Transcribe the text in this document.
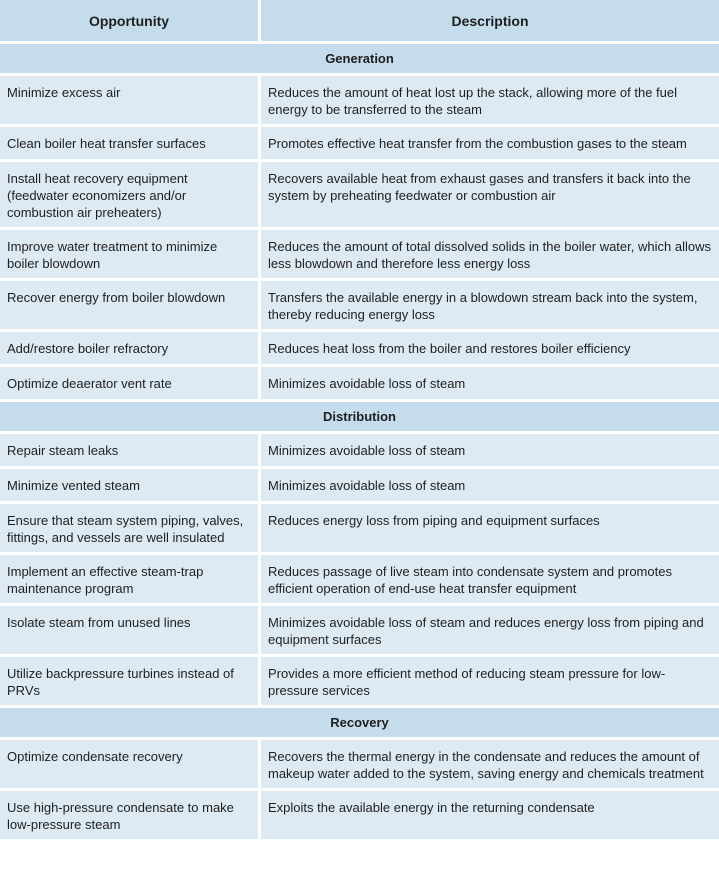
Opportunity	Description
Generation	
Minimize excess air	Reduces the amount of heat lost up the stack, allowing more of the fuel energy to be transferred to the steam
Clean boiler heat transfer surfaces	Promotes effective heat transfer from the combustion gases to the steam
Install heat recovery equipment (feedwater economizers and/or combustion air preheaters)	Recovers available heat from exhaust gases and transfers it back into the system by preheating feedwater or combustion air
Improve water treatment to minimize boiler blowdown	Reduces the amount of total dissolved solids in the boiler water, which allows less blowdown and therefore less energy loss
Recover energy from boiler blowdown	Transfers the available energy in a blowdown stream back into the system, thereby reducing energy loss
Add/restore boiler refractory	Reduces heat loss from the boiler and restores boiler efficiency
Optimize deaerator vent rate	Minimizes avoidable loss of steam
Distribution	
Repair steam leaks	Minimizes avoidable loss of steam
Minimize vented steam	Minimizes avoidable loss of steam
Ensure that steam system piping, valves, fittings, and vessels are well insulated	Reduces energy loss from piping and equipment surfaces
Implement an effective steam-trap maintenance program	Reduces passage of live steam into condensate system and promotes efficient operation of end-use heat transfer equipment
Isolate steam from unused lines	Minimizes avoidable loss of steam and reduces energy loss from piping and equipment surfaces
Utilize backpressure turbines instead of PRVs	Provides a more efficient method of reducing steam pressure for low-pressure services
Recovery	
Optimize condensate recovery	Recovers the thermal energy in the condensate and reduces the amount of makeup water added to the system, saving energy and chemicals treatment
Use high-pressure condensate to make low-pressure steam	Exploits the available energy in the returning condensate
